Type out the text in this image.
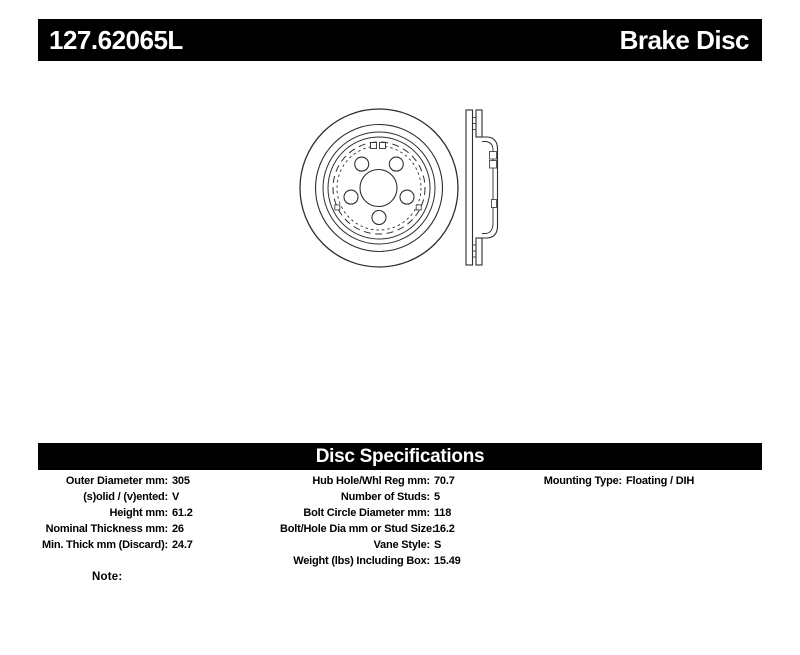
127.62065L	Brake Disc
Disc Specifications
Outer Diameter mm: 305
(s)olid / (v)ented: V
Height mm: 61.2
Nominal Thickness mm: 26
Min. Thick mm (Discard): 24.7
Hub Hole/Whl Reg mm: 70.7
Number of Studs: 5
Bolt Circle Diameter mm: 118
Bolt/Hole Dia mm or Stud Size:
16.2
Vane Style: S
Weight (lbs) Including Box: 15.49
Mounting Type: Floating / DIH
Note:
